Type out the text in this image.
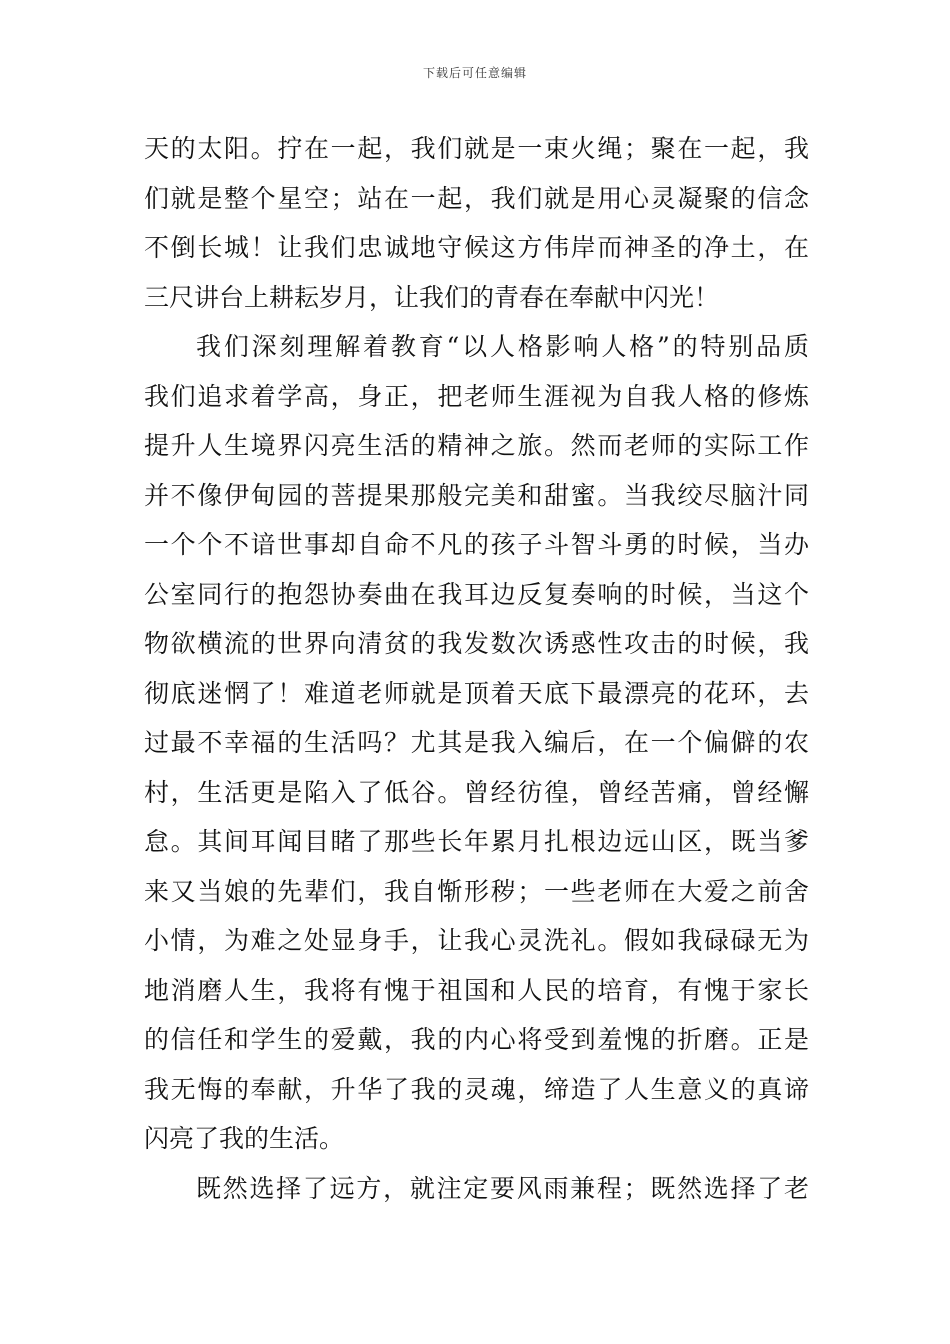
下载后可任意编辑
天的太阳。拧在一起，我们就是一束火绳；聚在一起，我
们就是整个星空；站在一起，我们就是用心灵凝聚的信念
不倒长城！让我们忠诚地守候这方伟岸而神圣的净土，在
三尺讲台上耕耘岁月，让我们的青春在奉献中闪光！
我们深刻理解着教育“以人格影响人格”的特别品质
我们追求着学高，身正，把老师生涯视为自我人格的修炼
提升人生境界闪亮生活的精神之旅。然而老师的实际工作
并不像伊甸园的菩提果那般完美和甜蜜。当我绞尽脑汁同
一个个不谙世事却自命不凡的孩子斗智斗勇的时候，当办
公室同行的抱怨协奏曲在我耳边反复奏响的时候，当这个
物欲横流的世界向清贫的我发数次诱惑性攻击的时候，我
彻底迷惘了！难道老师就是顶着天底下最漂亮的花环，去
过最不幸福的生活吗？尤其是我入编后，在一个偏僻的农
村，生活更是陷入了低谷。曾经彷徨，曾经苦痛，曾经懈
怠。其间耳闻目睹了那些长年累月扎根边远山区，既当爹
来又当娘的先辈们，我自惭形秽；一些老师在大爱之前舍
小情，为难之处显身手，让我心灵洗礼。假如我碌碌无为
地消磨人生，我将有愧于祖国和人民的培育，有愧于家长
的信任和学生的爱戴，我的内心将受到羞愧的折磨。正是
我无悔的奉献，升华了我的灵魂，缔造了人生意义的真谛
闪亮了我的生活。
既然选择了远方，就注定要风雨兼程；既然选择了老
